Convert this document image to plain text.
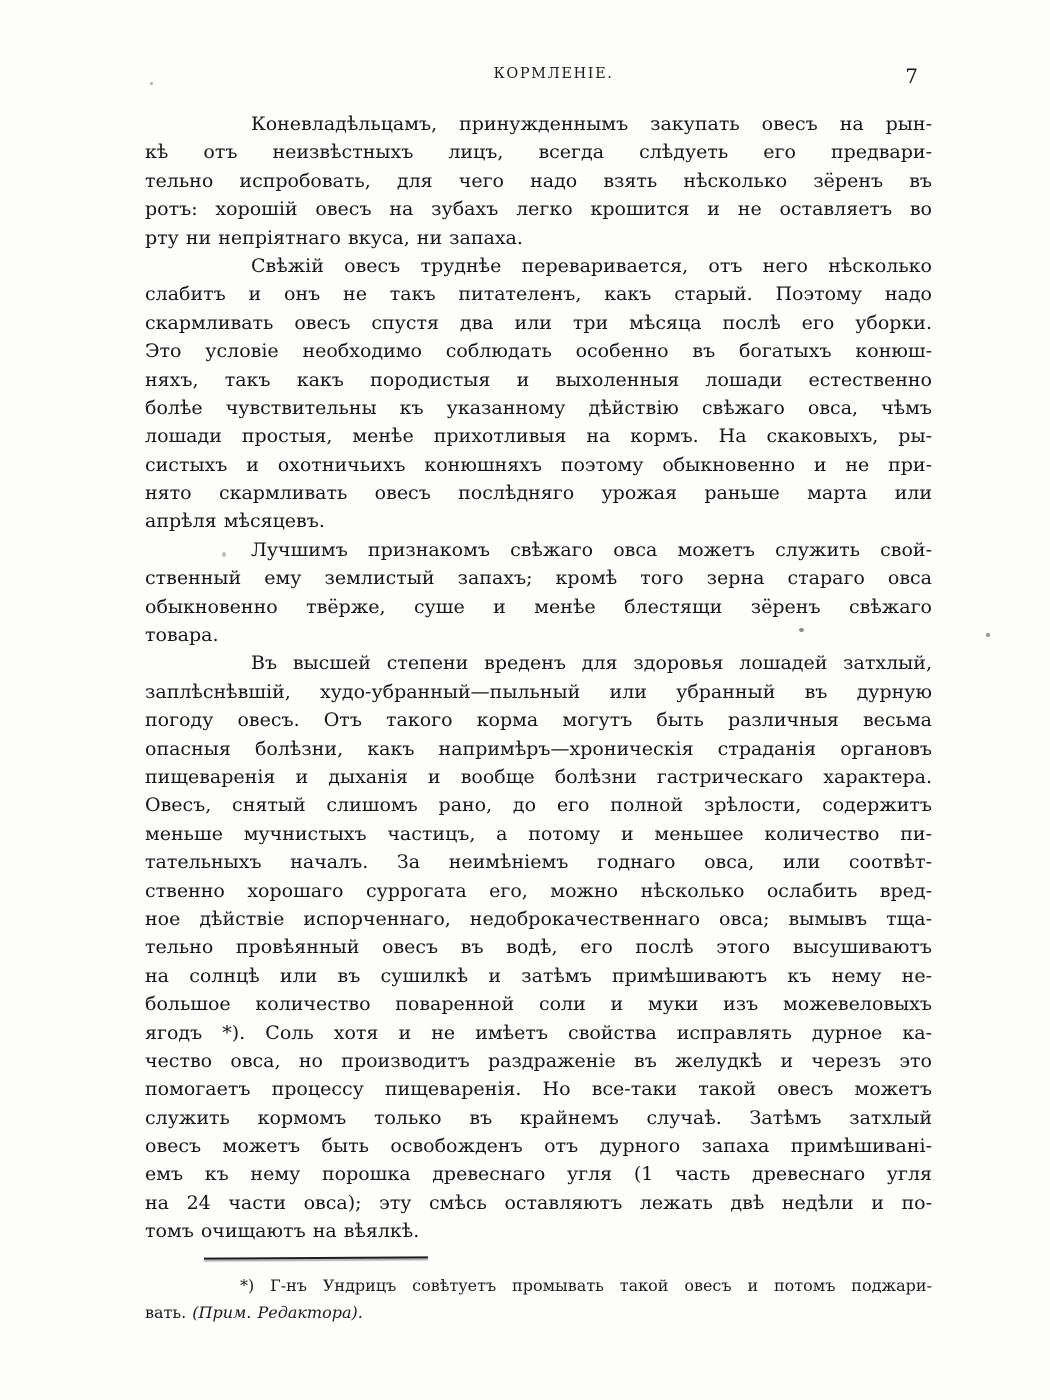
КОРМЛЕНІЕ.	7
Коневладѣльцамъ, принужденнымъ закупать овесъ на рын-
кѣ отъ неизвѣстныхъ лицъ, всегда слѣдуеть его предвари-
тельно испробовать, для чего надо взять нѣсколько зёренъ въ
ротъ: хорошій овесъ на зубахъ легко крошится и не оставляетъ во
рту ни непріятнаго вкуса, ни запаха.
Свѣжій овесъ труднѣе переваривается, отъ него нѣсколько
слабитъ и онъ не такъ питателенъ, какъ старый. Поэтому надо
скармливать овесъ спустя два или три мѣсяца послѣ его уборки.
Это условіе необходимо соблюдать особенно въ богатыхъ конюш-
няхъ, такъ какъ породистыя и выхоленныя лошади естественно
болѣе чувствительны къ указанному дѣйствію свѣжаго овса, чѣмъ
лошади простыя, менѣе прихотливыя на кормъ. На скаковыхъ, ры-
систыхъ и охотничьихъ конюшняхъ поэтому обыкновенно и не при-
нято скармливать овесъ послѣдняго урожая раньше марта или
апрѣля мѣсяцевъ.
Лучшимъ признакомъ свѣжаго овса можетъ служить свой-
ственный ему землистый запахъ; кромѣ того зерна стараго овса
обыкновенно твёрже, суше и менѣе блестящи зёренъ свѣжаго
товара.
Въ высшей степени вреденъ для здоровья лошадей затхлый,
заплѣснѣвшій, худо-убранный—пыльный или убранный въ дурную
погоду овесъ. Отъ такого корма могутъ быть различныя весьма
опасныя болѣзни, какъ напримѣръ—хроническія страданія органовъ
пищеваренія и дыханія и вообще болѣзни гастрическаго характера.
Овесъ, снятый слишомъ рано, до его полной зрѣлости, содержитъ
меньше мучнистыхъ частицъ, а потому и меньшее количество пи-
тательныхъ началъ. За неимѣніемъ годнаго овса, или соотвѣт-
ственно хорошаго суррогата его, можно нѣсколько ослабить вред-
ное дѣйствіе испорченнаго, недоброкачественнаго овса; вымывъ тща-
тельно провѣянный овесъ въ водѣ, его послѣ этого высушиваютъ
на солнцѣ или въ сушилкѣ и затѣмъ примѣшиваютъ къ нему не-
большое количество поваренной соли и муки изъ можевеловыхъ
ягодъ *). Соль хотя и не имѣетъ свойства исправлять дурное ка-
чество овса, но производитъ раздраженіе въ желудкѣ и черезъ это
помогаетъ процессу пищеваренія. Но все-таки такой овесъ можетъ
служить кормомъ только въ крайнемъ случаѣ. Затѣмъ затхлый
овесъ можетъ быть освобожденъ отъ дурного запаха примѣшивані-
емъ къ нему порошка древеснаго угля (1 часть древеснаго угля
на 24 части овса); эту смѣсь оставляютъ лежать двѣ недѣли и по-
томъ очищаютъ на вѣялкѣ.
*) Г-нъ Ундрицъ совѣтуетъ промывать такой овесъ и потомъ поджари-
вать. (Прим. Редактора).
